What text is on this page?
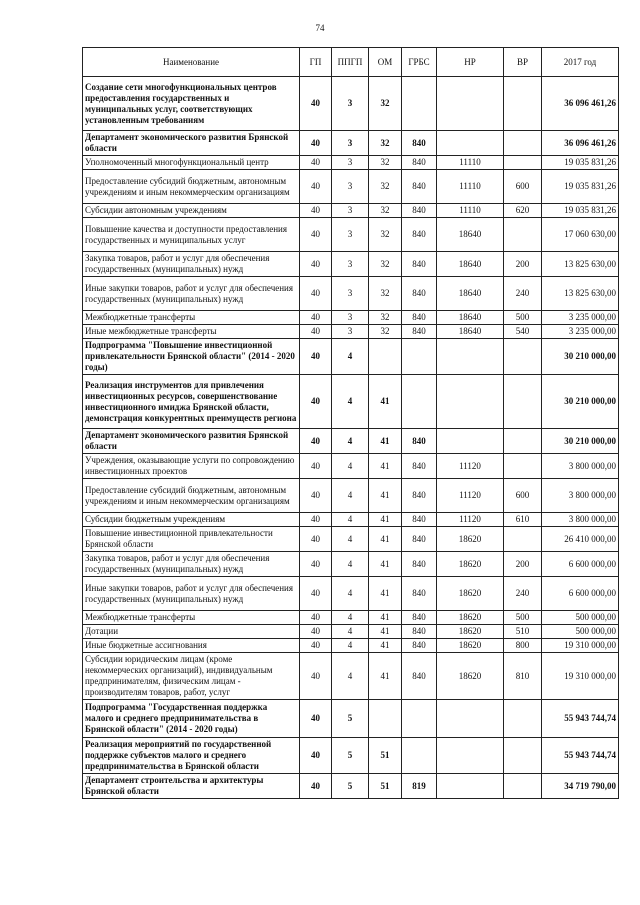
74
Наименование	ГП	ППГП	ОМ	ГРБС	НР	ВР	2017 год
Создание сети многофункциональных центров предоставления государственных и муниципальных услуг, соответствующих установленным требованиям	40	3	32				36 096 461,26
Департамент экономического развития Брянской области	40	3	32	840			36 096 461,26
Уполномоченный многофункциональный центр	40	3	32	840	11110		19 035 831,26
Предоставление субсидий бюджетным, автономным учреждениям и иным некоммерческим организациям	40	3	32	840	11110	600	19 035 831,26
Субсидии автономным учреждениям	40	3	32	840	11110	620	19 035 831,26
Повышение качества и доступности предоставления государственных и муниципальных услуг	40	3	32	840	18640		17 060 630,00
Закупка товаров, работ и услуг для обеспечения государственных (муниципальных) нужд	40	3	32	840	18640	200	13 825 630,00
Иные закупки товаров, работ и услуг для обеспечения государственных (муниципальных) нужд	40	3	32	840	18640	240	13 825 630,00
Межбюджетные трансферты	40	3	32	840	18640	500	3 235 000,00
Иные межбюджетные трансферты	40	3	32	840	18640	540	3 235 000,00
Подпрограмма "Повышение инвестиционной привлекательности Брянской области" (2014 - 2020 годы)	40	4					30 210 000,00
Реализация инструментов для привлечения инвестиционных ресурсов, совершенствование инвестиционного имиджа Брянской области, демонстрация конкурентных преимуществ региона	40	4	41				30 210 000,00
Департамент экономического развития Брянской области	40	4	41	840			30 210 000,00
Учреждения, оказывающие услуги по сопровождению инвестиционных проектов	40	4	41	840	11120		3 800 000,00
Предоставление субсидий бюджетным, автономным учреждениям и иным некоммерческим организациям	40	4	41	840	11120	600	3 800 000,00
Субсидии бюджетным учреждениям	40	4	41	840	11120	610	3 800 000,00
Повышение инвестиционной привлекательности Брянской области	40	4	41	840	18620		26 410 000,00
Закупка товаров, работ и услуг для обеспечения государственных (муниципальных) нужд	40	4	41	840	18620	200	6 600 000,00
Иные закупки товаров, работ и услуг для обеспечения государственных (муниципальных) нужд	40	4	41	840	18620	240	6 600 000,00
Межбюджетные трансферты	40	4	41	840	18620	500	500 000,00
Дотации	40	4	41	840	18620	510	500 000,00
Иные бюджетные ассигнования	40	4	41	840	18620	800	19 310 000,00
Субсидии юридическим лицам (кроме некоммерческих организаций), индивидуальным предпринимателям, физическим лицам - производителям товаров, работ, услуг	40	4	41	840	18620	810	19 310 000,00
Подпрограмма "Государственная поддержка малого и среднего предпринимательства в Брянской области" (2014 - 2020 годы)	40	5					55 943 744,74
Реализация мероприятий по государственной поддержке субъектов малого и среднего предпринимательства в Брянской области	40	5	51				55 943 744,74
Департамент строительства и архитектуры Брянской области	40	5	51	819			34 719 790,00
